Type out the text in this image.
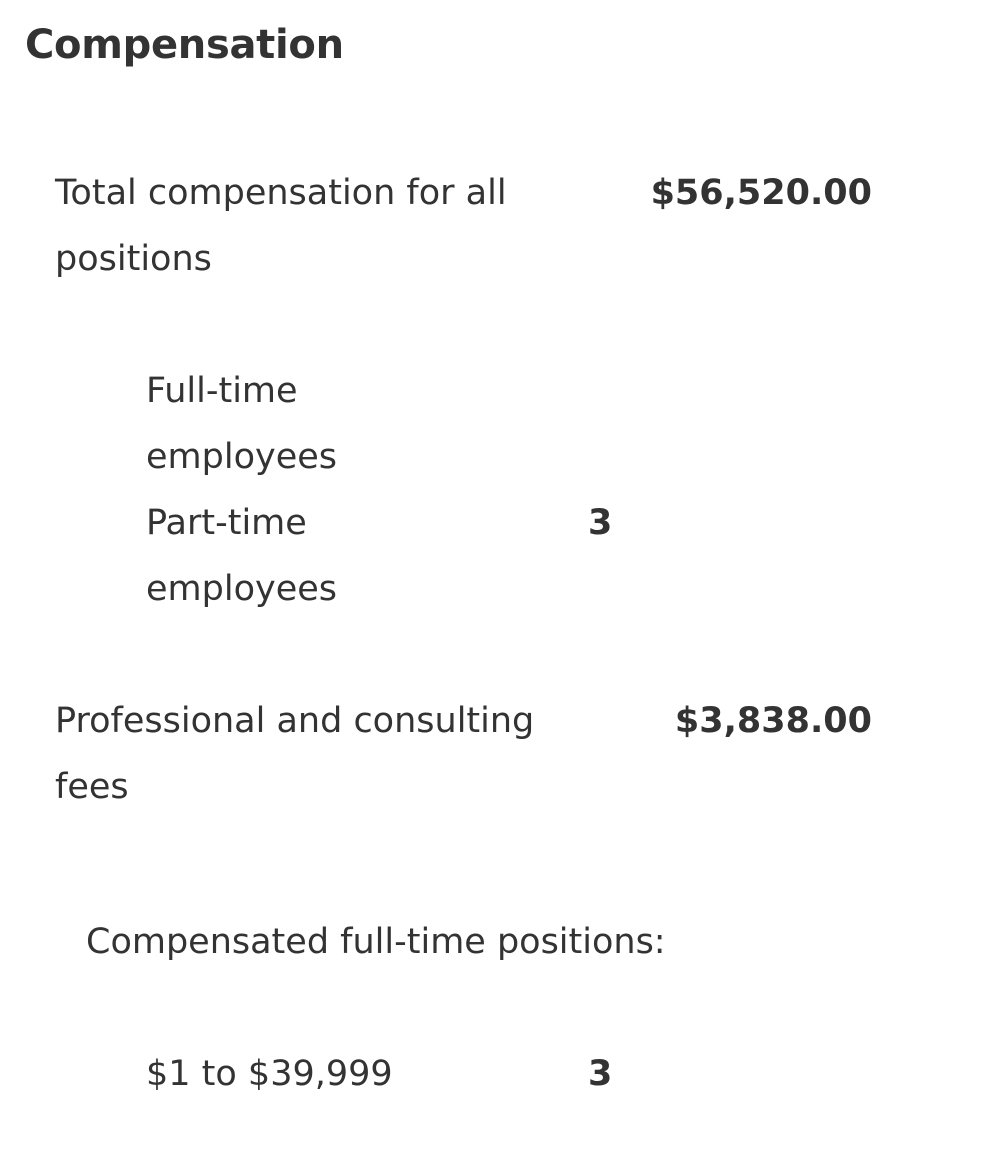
Compensation
Total compensation for all positions
$56,520.00
Full-time employees
Part-time employees
3
Professional and consulting fees
$3,838.00
Compensated full-time positions:
$1 to $39,999	3
